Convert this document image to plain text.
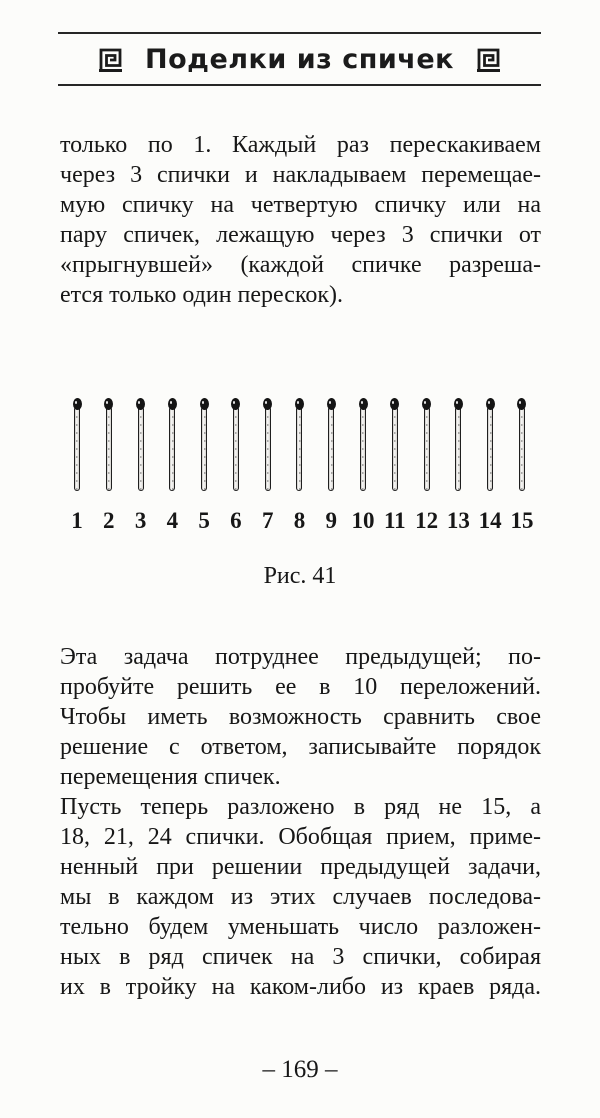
Поделки из спичек
только по 1. Каждый раз перескакиваем
через 3 спички и накладываем перемещае-
мую спичку на четвертую спичку или на
пару спичек, лежащую через 3 спички от
«прыгнувшей» (каждой спичке разреша-
ется только один перескок).
1 2 3 4 5 6 7 8 9 10 11 12 13 14 15
Рис. 41
Эта задача потруднее предыдущей; по-
пробуйте решить ее в 10 переложений.
Чтобы иметь возможность сравнить свое
решение с ответом, записывайте порядок
перемещения спичек.
Пусть теперь разложено в ряд не 15, а
18, 21, 24 спички. Обобщая прием, приме-
ненный при решении предыдущей задачи,
мы в каждом из этих случаев последова-
тельно будем уменьшать число разложен-
ных в ряд спичек на 3 спички, собирая
их в тройку на каком-либо из краев ряда.
– 169 –
